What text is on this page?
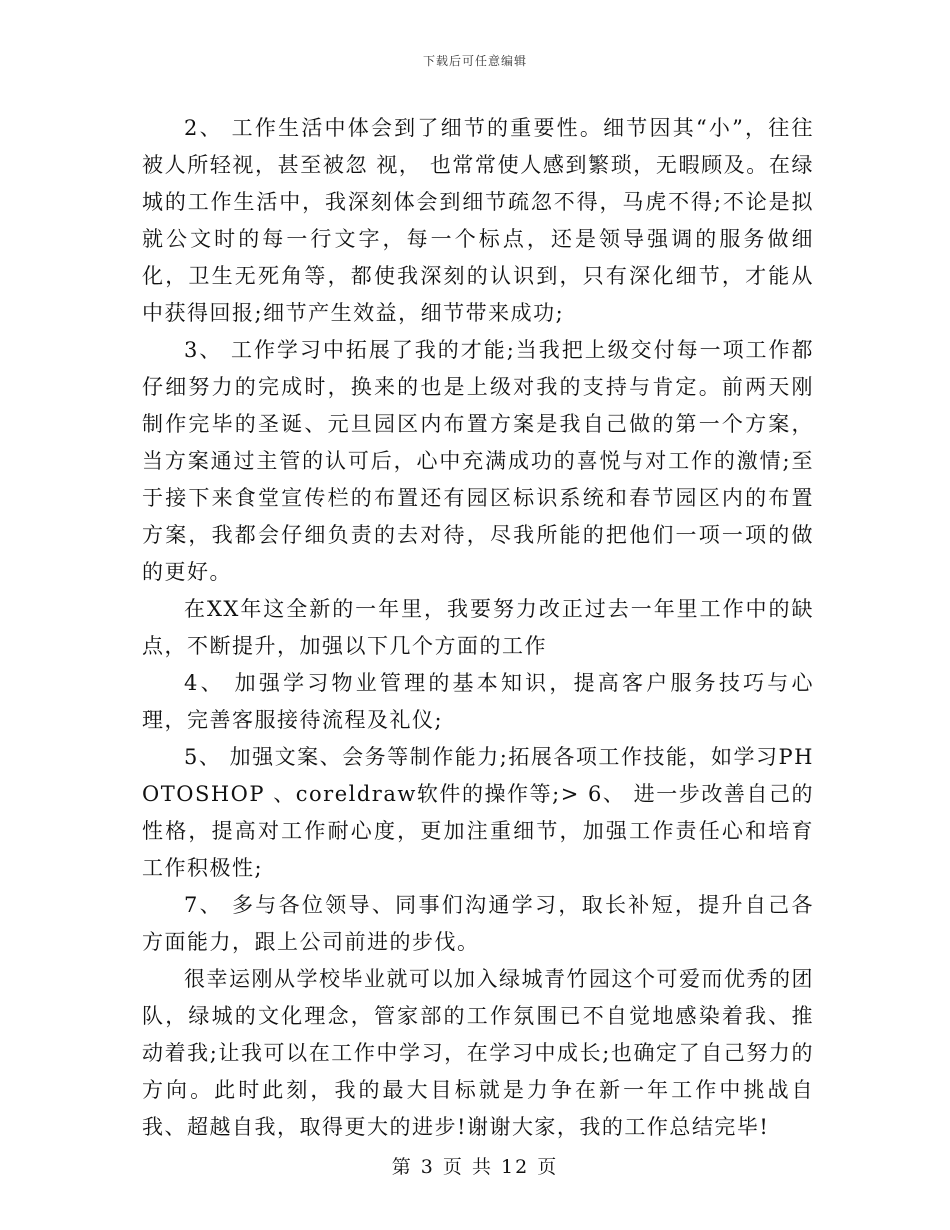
下载后可任意编辑

2、 工作生活中体会到了细节的重要性。细节因其“小”，往往被人所轻视，甚至被忽 视， 也常常使人感到繁琐，无暇顾及。在绿城的工作生活中，我深刻体会到细节疏忽不得，马虎不得;不论是拟就公文时的每一行文字，每一个标点，还是领导强调的服务做细化，卫生无死角等，都使我深刻的认识到，只有深化细节，才能从中获得回报;细节产生效益，细节带来成功;

3、 工作学习中拓展了我的才能;当我把上级交付每一项工作都仔细努力的完成时，换来的也是上级对我的支持与肯定。前两天刚制作完毕的圣诞、元旦园区内布置方案是我自己做的第一个方案，当方案通过主管的认可后，心中充满成功的喜悦与对工作的激情;至于接下来食堂宣传栏的布置还有园区标识系统和春节园区内的布置方案，我都会仔细负责的去对待，尽我所能的把他们一项一项的做的更好。

在XX年这全新的一年里，我要努力改正过去一年里工作中的缺点，不断提升，加强以下几个方面的工作

4、 加强学习物业管理的基本知识，提高客户服务技巧与心理，完善客服接待流程及礼仪;

5、 加强文案、会务等制作能力;拓展各项工作技能，如学习PHOTOSHOP 、coreldraw软件的操作等;> 6、 进一步改善自己的性格，提高对工作耐心度，更加注重细节，加强工作责任心和培育工作积极性;

7、 多与各位领导、同事们沟通学习，取长补短，提升自己各方面能力，跟上公司前进的步伐。

很幸运刚从学校毕业就可以加入绿城青竹园这个可爱而优秀的团队，绿城的文化理念，管家部的工作氛围已不自觉地感染着我、推动着我;让我可以在工作中学习，在学习中成长;也确定了自己努力的方向。此时此刻，我的最大目标就是力争在新一年工作中挑战自我、超越自我，取得更大的进步!谢谢大家，我的工作总结完毕!

第 3 页 共 12 页
